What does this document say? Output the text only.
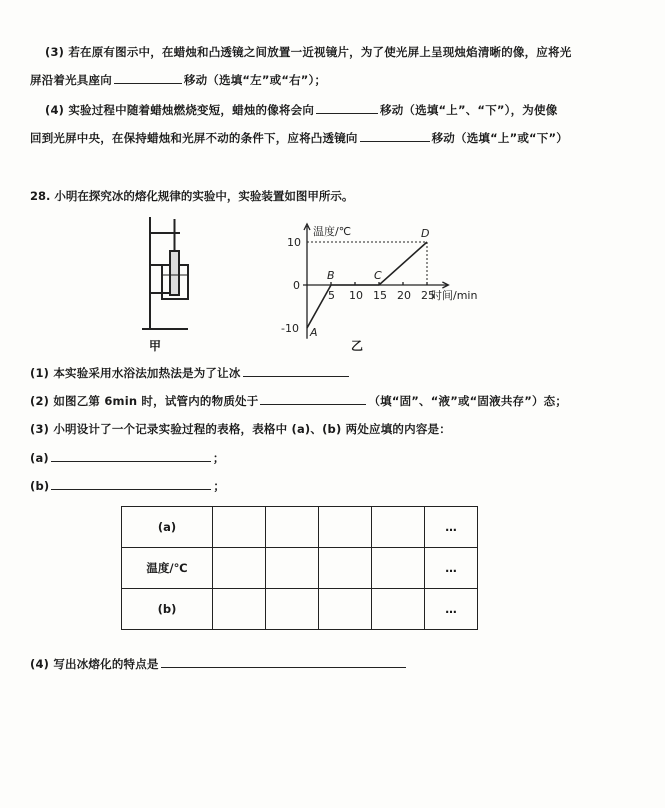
(3) 若在原有图示中，在蜡烛和凸透镜之间放置一近视镜片，为了使光屏上呈现烛焰清晰的像，应将光
屏沿着光具座向	移动（选填“左”或“右”）；
(4) 实验过程中随着蜡烛燃烧变短，蜡烛的像将会向	移动（选填“上”、“下”），为使像
回到光屏中央，在保持蜡烛和光屏不动的条件下，应将凸透镜向	移动（选填“上”或“下”）
28. 小明在探究冰的熔化规律的实验中，实验装置如图甲所示。
甲
温度/℃
时间/min
5 10 15 20 25
10
0
-10 A
B	C
D
乙
(1) 本实验采用水浴法加热法是为了让冰
(2) 如图乙第 6min 时，试管内的物质处于	（填“固”、“液”或“固液共存”）态；
(3) 小明设计了一个记录实验过程的表格，表格中 (a)、(b) 两处应填的内容是：
(a)	；
(b)	；
(a)					…
温度/℃					…
(b)					…
(4) 写出冰熔化的特点是
